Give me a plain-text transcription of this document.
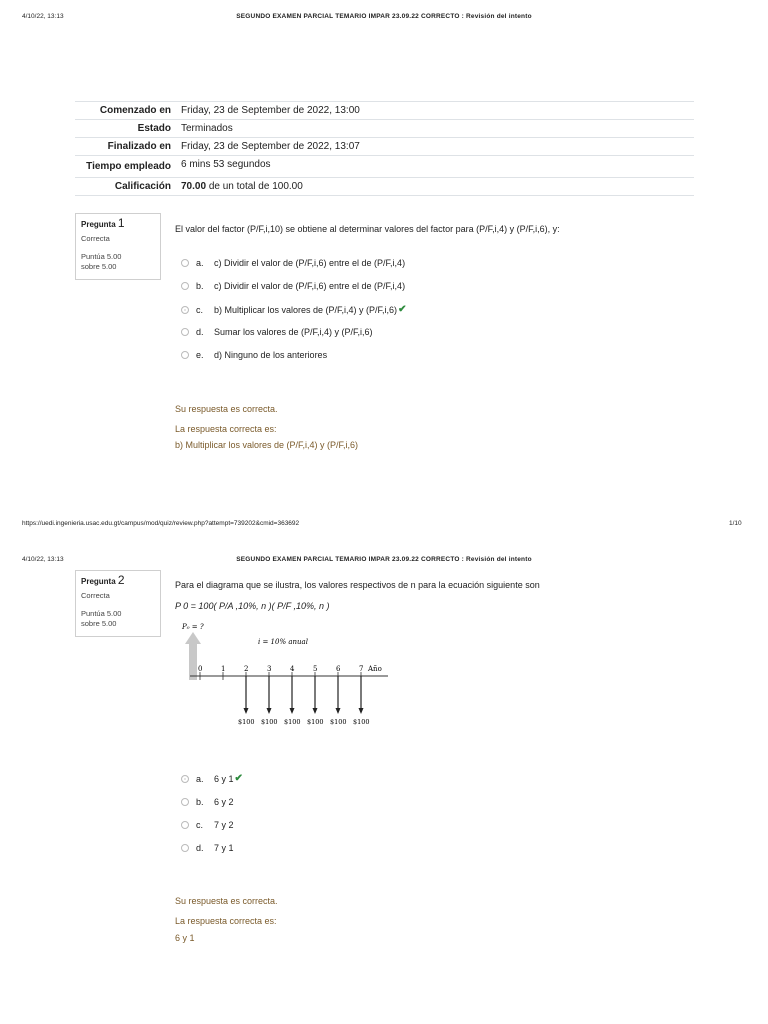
4/10/22, 13:13	SEGUNDO EXAMEN PARCIAL TEMARIO IMPAR 23.09.22 CORRECTO : Revisión del intento
Comenzado en	Friday, 23 de September de 2022, 13:00
Estado	Terminados
Finalizado en	Friday, 23 de September de 2022, 13:07
Tiempo empleado	6 mins 53 segundos
Calificación	70.00 de un total de 100.00
Pregunta 1
Correcta
Puntúa 5.00
sobre 5.00
El valor del factor (P/F,i,10) se obtiene al determinar valores del factor para (P/F,i,4) y (P/F,i,6), y:
a.	c) Dividir el valor de (P/F,i,6) entre el de (P/F,i,4)
b.	c) Dividir el valor de (P/F,i,6) entre el de (P/F,i,4)
c.	b) Multiplicar los valores de (P/F,i,4) y (P/F,i,6) ✔
d.	Sumar los valores de (P/F,i,4) y (P/F,i,6)
e.	d) Ninguno de los anteriores
Su respuesta es correcta.
La respuesta correcta es:
b) Multiplicar los valores de (P/F,i,4) y (P/F,i,6)
https://uedi.ingenieria.usac.edu.gt/campus/mod/quiz/review.php?attempt=739202&cmid=363692	1/10
4/10/22, 13:13	SEGUNDO EXAMEN PARCIAL TEMARIO IMPAR 23.09.22 CORRECTO : Revisión del intento
Pregunta 2
Correcta
Puntúa 5.00
sobre 5.00
Para el diagrama que se ilustra, los valores respectivos de n para la ecuación siguiente son
P 0 = 100( P/A ,10%, n )( P/F ,10%, n )
P₀ = ?
i = 10% anual
0	1	2	3	4	5	6	7 Año
$100 $100 $100 $100 $100 $100
a.	6 y 1 ✔
b.	6 y 2
c.	7 y 2
d.	7 y 1
Su respuesta es correcta.
La respuesta correcta es:
6 y 1
